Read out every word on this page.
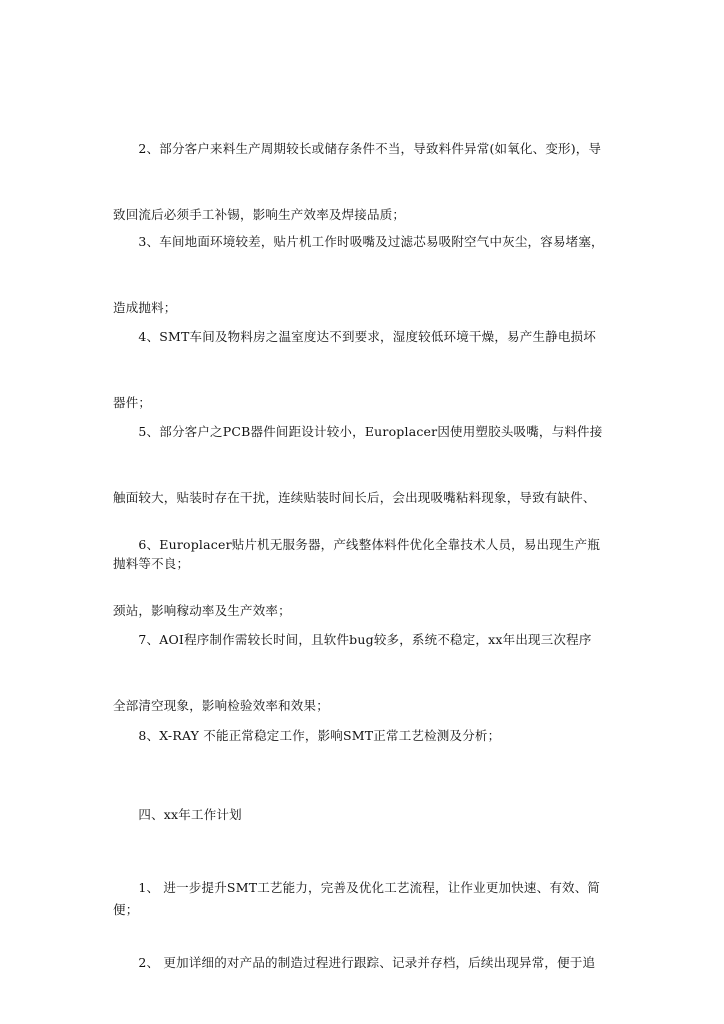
　　2、部分客户来料生产周期较长或储存条件不当，导致料件异常(如氧化、变形)，导

致回流后必须手工补锡，影响生产效率及焊接品质；

　　3、车间地面环境较差，贴片机工作时吸嘴及过滤芯易吸附空气中灰尘，容易堵塞，

造成抛料；

　　4、SMT车间及物料房之温室度达不到要求，湿度较低环境干燥，易产生静电损坏

器件；

　　5、部分客户之PCB器件间距设计较小，Europlacer因使用塑胶头吸嘴，与料件接

触面较大，贴装时存在干扰，连续贴装时间长后，会出现吸嘴粘料现象，导致有缺件、

抛料等不良；

　　6、Europlacer贴片机无服务器，产线整体料件优化全靠技术人员，易出现生产瓶

颈站，影响稼动率及生产效率；

　　7、AOI程序制作需较长时间，且软件bug较多，系统不稳定，xx年出现三次程序

全部清空现象，影响检验效率和效果；

　　8、X-RAY 不能正常稳定工作，影响SMT正常工艺检测及分析；

　　四、xx年工作计划

　　1、 进一步提升SMT工艺能力，完善及优化工艺流程，让作业更加快速、有效、简便；

　　2、 更加详细的对产品的制造过程进行跟踪、记录并存档，后续出现异常，便于追
